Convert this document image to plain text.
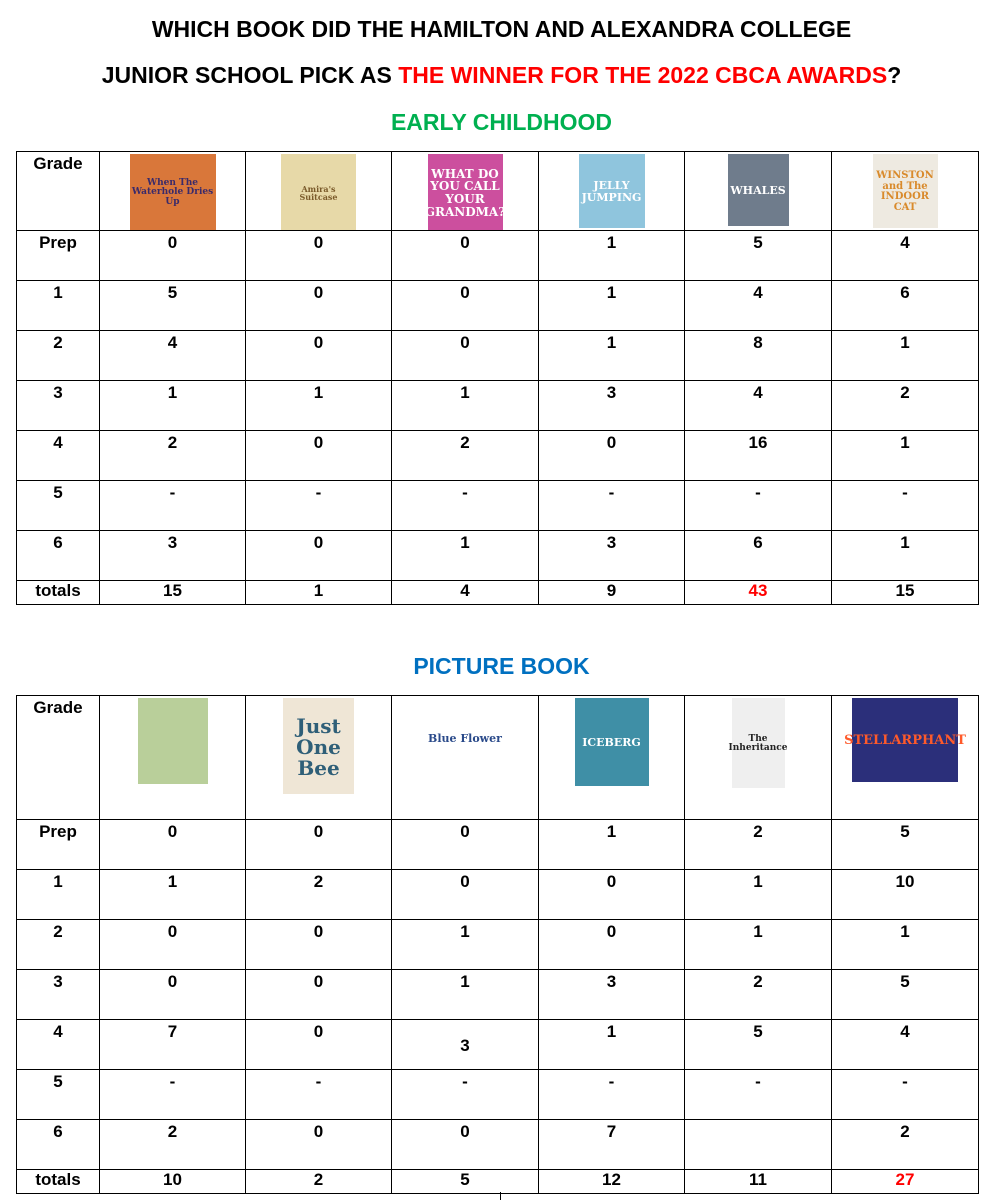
WHICH BOOK DID THE HAMILTON AND ALEXANDRA COLLEGE
JUNIOR SCHOOL PICK AS THE WINNER FOR THE 2022 CBCA AWARDS?
EARLY CHILDHOOD
Grade	When The Waterhole Dries Up	Amira's Suitcase	WHAT DO YOU CALL YOUR GRANDMA?	JELLY JUMPING	WHALES	WINSTON and The INDOOR CAT

Prep	0	0	0	1	5	4

1	5	0	0	1	4	6

2	4	0	0	1	8	1

3	1	1	1	3	4	2

4	2	0	2	0	16	1

5	-	-	-	-	-	-

6	3	0	1	3	6	1

totals	15	1	4	9	43	15
PICTURE BOOK
Grade		Just One Bee	Blue Flower	ICEBERG	The Inheritance	STELLARPHANT

Prep	0	0	0	1	2	5

1	1	2	0	0	1	10

2	0	0	1	0	1	1

3	0	0	1	3	2	5

4	7	0	3	1	5	4

5	-	-	-	-	-	-

6	2	0	0	7		2

totals	10	2	5	12	11	27
